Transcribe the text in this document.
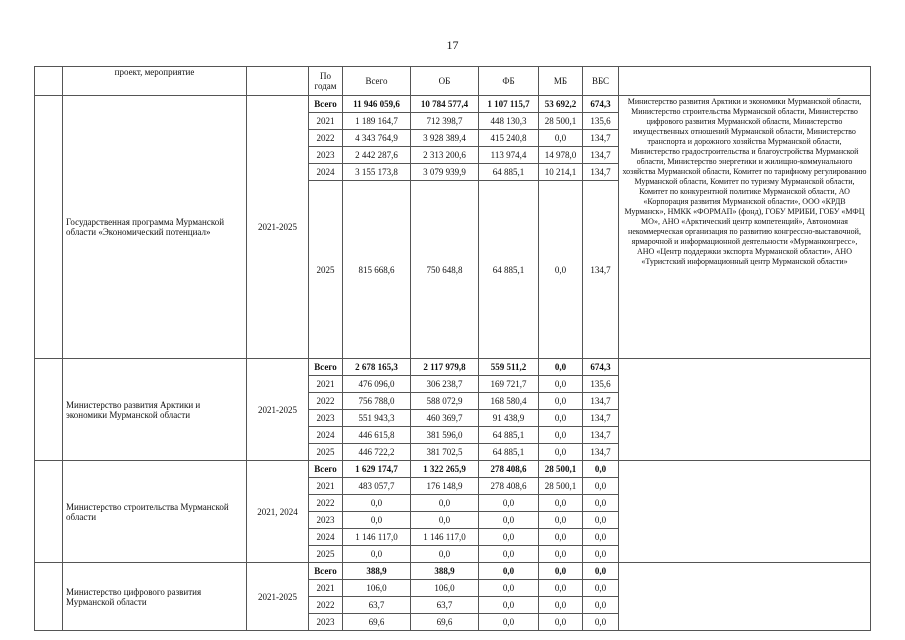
17
	проект, мероприятие		По годам	Всего	ОБ	ФБ	МБ	ВБС	
	Государственная программа Мурманской области «Экономический потенциал»	2021-2025	Всего	11 946 059,6	10 784 577,4	1 107 115,7	53 692,2	674,3	Министерство развития Арктики и экономики Мурманской области, Министерство строительства Мурманской области, Министерство цифрового развития Мурманской области, Министерство имущественных отношений Мурманской области, Министерство транспорта и дорожного хозяйства Мурманской области, Министерство градостроительства и благоустройства Мурманской области, Министерство энергетики и жилищно-коммунального хозяйства Мурманской области, Комитет по тарифному регулированию Мурманской области, Комитет по туризму Мурманской области, Комитет по конкурентной политике Мурманской области, АО «Корпорация развития Мурманской области», ООО «КРДВ Мурманск», НМКК «ФОРМАП» (фонд), ГОБУ МРИБИ, ГОБУ «МФЦ МО», АНО «Арктический центр компетенций», Автономная некоммерческая организация по развитию конгрессно-выставочной, ярмарочной и информационной деятельности «Мурманконгресс», АНО «Центр поддержки экспорта Мурманской области», АНО «Туристский информационный центр Мурманской области»
			2021	1 189 164,7	712 398,7	448 130,3	28 500,1	135,6	
			2022	4 343 764,9	3 928 389,4	415 240,8	0,0	134,7	
			2023	2 442 287,6	2 313 200,6	113 974,4	14 978,0	134,7	
			2024	3 155 173,8	3 079 939,9	64 885,1	10 214,1	134,7	
			2025	815 668,6	750 648,8	64 885,1	0,0	134,7	
	Министерство развития Арктики и экономики Мурманской области	2021-2025	Всего	2 678 165,3	2 117 979,8	559 511,2	0,0	674,3	
			2021	476 096,0	306 238,7	169 721,7	0,0	135,6	
			2022	756 788,0	588 072,9	168 580,4	0,0	134,7	
			2023	551 943,3	460 369,7	91 438,9	0,0	134,7	
			2024	446 615,8	381 596,0	64 885,1	0,0	134,7	
			2025	446 722,2	381 702,5	64 885,1	0,0	134,7	
	Министерство строительства Мурманской области	2021, 2024	Всего	1 629 174,7	1 322 265,9	278 408,6	28 500,1	0,0	
			2021	483 057,7	176 148,9	278 408,6	28 500,1	0,0	
			2022	0,0	0,0	0,0	0,0	0,0	
			2023	0,0	0,0	0,0	0,0	0,0	
			2024	1 146 117,0	1 146 117,0	0,0	0,0	0,0	
			2025	0,0	0,0	0,0	0,0	0,0	
	Министерство цифрового развития Мурманской области	2021-2025	Всего	388,9	388,9	0,0	0,0	0,0	
			2021	106,0	106,0	0,0	0,0	0,0	
			2022	63,7	63,7	0,0	0,0	0,0	
			2023	69,6	69,6	0,0	0,0	0,0	
